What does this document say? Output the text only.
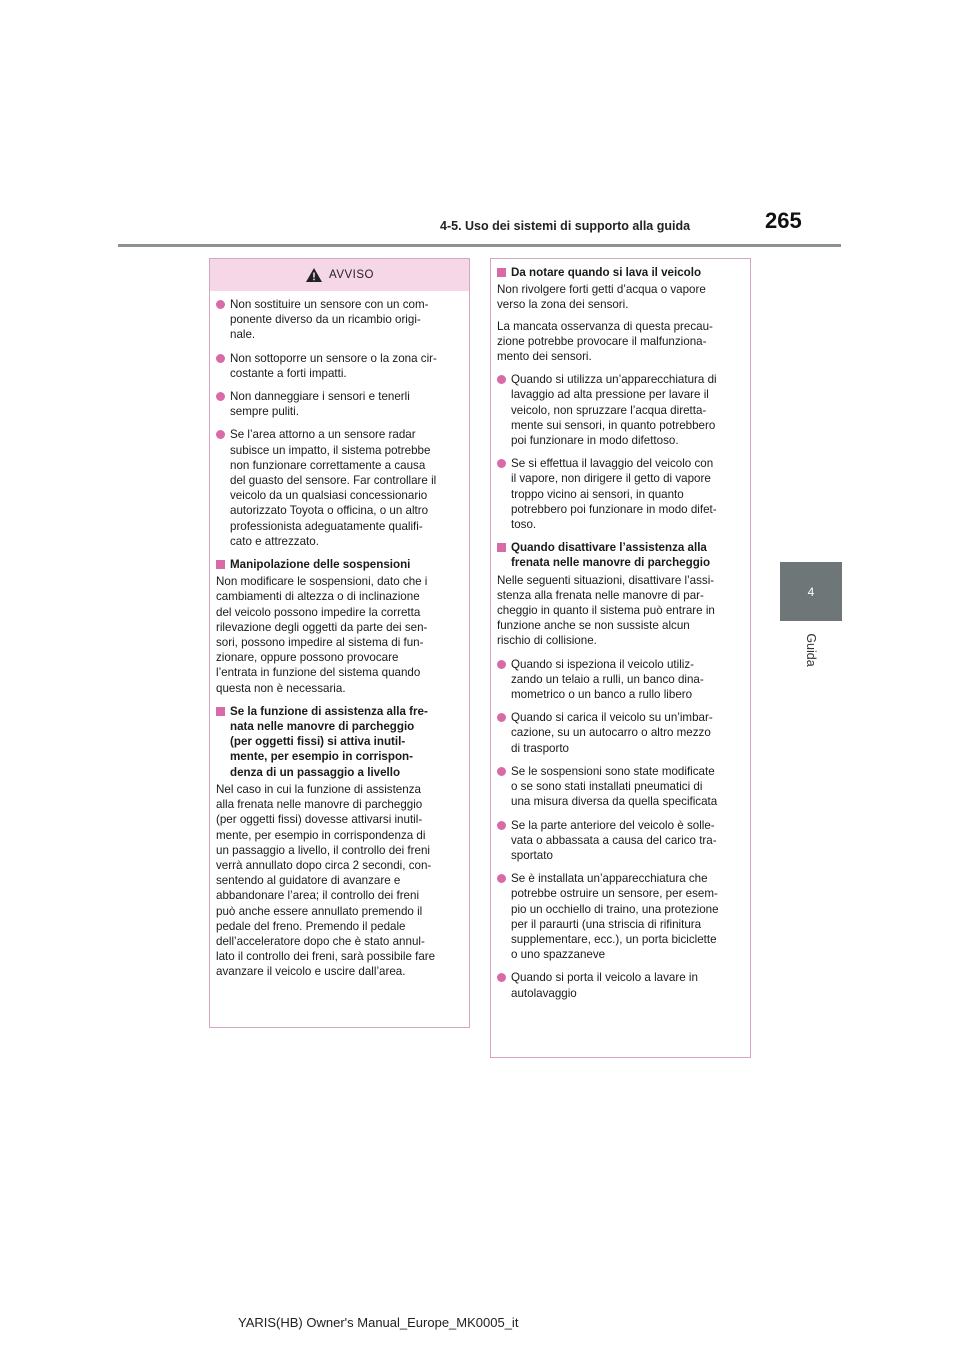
4-5. Uso dei sistemi di supporto alla guida	265
4
Guida
AVVISO
Non sostituire un sensore con un com-
ponente diverso da un ricambio origi-
nale.
Non sottoporre un sensore o la zona cir-
costante a forti impatti.
Non danneggiare i sensori e tenerli
sempre puliti.
Se l’area attorno a un sensore radar
subisce un impatto, il sistema potrebbe
non funzionare correttamente a causa
del guasto del sensore. Far controllare il
veicolo da un qualsiasi concessionario
autorizzato Toyota o officina, o un altro
professionista adeguatamente qualifi-
cato e attrezzato.
Manipolazione delle sospensioni
Non modificare le sospensioni, dato che i
cambiamenti di altezza o di inclinazione
del veicolo possono impedire la corretta
rilevazione degli oggetti da parte dei sen-
sori, possono impedire al sistema di fun-
zionare, oppure possono provocare
l’entrata in funzione del sistema quando
questa non è necessaria.
Se la funzione di assistenza alla fre-
nata nelle manovre di parcheggio
(per oggetti fissi) si attiva inutil-
mente, per esempio in corrispon-
denza di un passaggio a livello
Nel caso in cui la funzione di assistenza
alla frenata nelle manovre di parcheggio
(per oggetti fissi) dovesse attivarsi inutil-
mente, per esempio in corrispondenza di
un passaggio a livello, il controllo dei freni
verrà annullato dopo circa 2 secondi, con-
sentendo al guidatore di avanzare e
abbandonare l’area; il controllo dei freni
può anche essere annullato premendo il
pedale del freno. Premendo il pedale
dell’acceleratore dopo che è stato annul-
lato il controllo dei freni, sarà possibile fare
avanzare il veicolo e uscire dall’area.
Da notare quando si lava il veicolo
Non rivolgere forti getti d’acqua o vapore
verso la zona dei sensori.
La mancata osservanza di questa precau-
zione potrebbe provocare il malfunziona-
mento dei sensori.
Quando si utilizza un’apparecchiatura di
lavaggio ad alta pressione per lavare il
veicolo, non spruzzare l’acqua diretta-
mente sui sensori, in quanto potrebbero
poi funzionare in modo difettoso.
Se si effettua il lavaggio del veicolo con
il vapore, non dirigere il getto di vapore
troppo vicino ai sensori, in quanto
potrebbero poi funzionare in modo difet-
toso.
Quando disattivare l’assistenza alla
frenata nelle manovre di parcheggio
Nelle seguenti situazioni, disattivare l’assi-
stenza alla frenata nelle manovre di par-
cheggio in quanto il sistema può entrare in
funzione anche se non sussiste alcun
rischio di collisione.
Quando si ispeziona il veicolo utiliz-
zando un telaio a rulli, un banco dina-
mometrico o un banco a rullo libero
Quando si carica il veicolo su un’imbar-
cazione, su un autocarro o altro mezzo
di trasporto
Se le sospensioni sono state modificate
o se sono stati installati pneumatici di
una misura diversa da quella specificata
Se la parte anteriore del veicolo è solle-
vata o abbassata a causa del carico tra-
sportato
Se è installata un’apparecchiatura che
potrebbe ostruire un sensore, per esem-
pio un occhiello di traino, una protezione
per il paraurti (una striscia di rifinitura
supplementare, ecc.), un porta biciclette
o uno spazzaneve
Quando si porta il veicolo a lavare in
autolavaggio
YARIS(HB) Owner's Manual_Europe_MK0005_it
